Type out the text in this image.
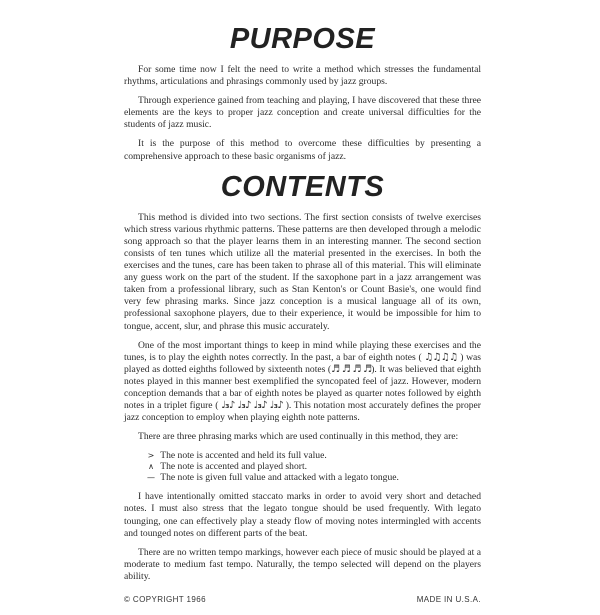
PURPOSE

For some time now I felt the need to write a method which stresses the fundamental rhythms, articulations and phrasings commonly used by jazz groups.

Through experience gained from teaching and playing, I have discovered that these three elements are the keys to proper jazz conception and create universal difficulties for the students of jazz music.

It is the purpose of this method to overcome these difficulties by presenting a comprehensive approach to these basic organisms of jazz.

CONTENTS

This method is divided into two sections. The first section consists of twelve exercises which stress various rhythmic patterns. These patterns are then developed through a melodic song approach so that the player learns them in an interesting manner. The second section consists of ten tunes which utilize all the material presented in the exercises. In both the exercises and the tunes, care has been taken to phrase all of this material. This will eliminate any guess work on the part of the student. If the saxophone part in a jazz arrangement was taken from a professional library, such as Stan Kenton's or Count Basie's, one would find very few phrasing marks. Since jazz conception is a musical language all of its own, professional saxophone players, due to their experience, it would be impossible for him to tongue, accent, slur, and phrase this music accurately.

One of the most important things to keep in mind while playing these exercises and the tunes, is to play the eighth notes correctly. In the past, a bar of eighth notes ( ♫♫♫♫ ) was played as dotted eighths followed by sixteenth notes (♬ ♬ ♬ ♬). It was believed that eighth notes played in this manner best exemplified the syncopated feel of jazz. However, modern conception demands that a bar of eighth notes be played as quarter notes followed by eighth notes in a triplet figure ( ♩₃♪ ♩₃♪ ♩₃♪ ♩₃♪ ). This notation most accurately defines the proper jazz conception to employ when playing eighth note patterns.

There are three phrasing marks which are used continually in this method, they are:

> The note is accented and held its full value.
∧ The note is accented and played short.
— The note is given full value and attacked with a legato tongue.

I have intentionally omitted staccato marks in order to avoid very short and detached notes. I must also stress that the legato tongue should be used frequently. With legato tounging, one can effectively play a steady flow of moving notes intermingled with accents and tounged notes on different parts of the beat.

There are no written tempo markings, however each piece of music should be played at a moderate to medium fast tempo. Naturally, the tempo selected will depend on the players ability.

© COPYRIGHT 1966	MADE IN U.S.A.
